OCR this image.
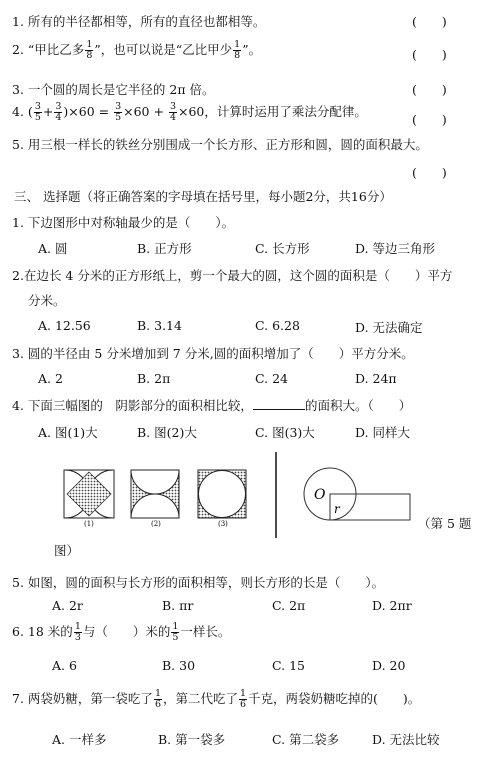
1. 所有的半径都相等，所有的直径也都相等。	(　　)
2. “甲比乙多 $\frac{1}{8}$ ”，也可以说是“乙比甲少 $\frac{1}{8}$ ”。	(　　)
3. 一个圆的周长是它半径的 2π 倍。	(　　)
4. ( $\frac{3}{5} + \frac{3}{4} )\times 60 = \frac{3}{5} \times 60 + \frac{3}{4} \times 60$，计算时运用了乘法分配律。
(　　)
5. 用三根一样长的铁丝分别围成一个长方形、正方形和圆，圆的面积最大。
(　　)
三、 选择题（将正确答案的字母填在括号里，每小题2分，共16分）
1. 下边图形中对称轴最少的是（　　）。
A. 圆	B. 正方形	C. 长方形	D. 等边三角形
2.在边长 4 分米的正方形纸上，剪一个最大的圆，这个圆的面积是（　　）平方
分米。
A. 12.56	B. 3.14	C. 6.28	D. 无法确定
3. 圆的半径由 5 分米增加到 7 分米,圆的面积增加了（　　）平方分米。
A. 2	B. 2π	C. 24	D. 24π
4. 下面三幅图的　阴影部分的面积相比较，	的面积大。（　　）
A. 图(1)大	B. 图(2)大	C. 图(3)大	D. 同样大
(1)	(2)	(3)
O
r
（第 5 题
图）
5. 如图，圆的面积与长方形的面积相等，则长方形的长是（　　）。
A. 2r	B. πr	C. 2π	D. 2πr
6. 18 米的 $\frac{1}{3}$ 与（　　）米的 $\frac{1}{5}$ 一样长。
A. 6	B. 30	C. 15	D. 20
7. 两袋奶糖，第一袋吃了 $\frac{1}{6}$ ，第二代吃了 $\frac{1}{6}$ 千克，两袋奶糖吃掉的(　　)。
A. 一样多	B. 第一袋多	C. 第二袋多	D. 无法比较
